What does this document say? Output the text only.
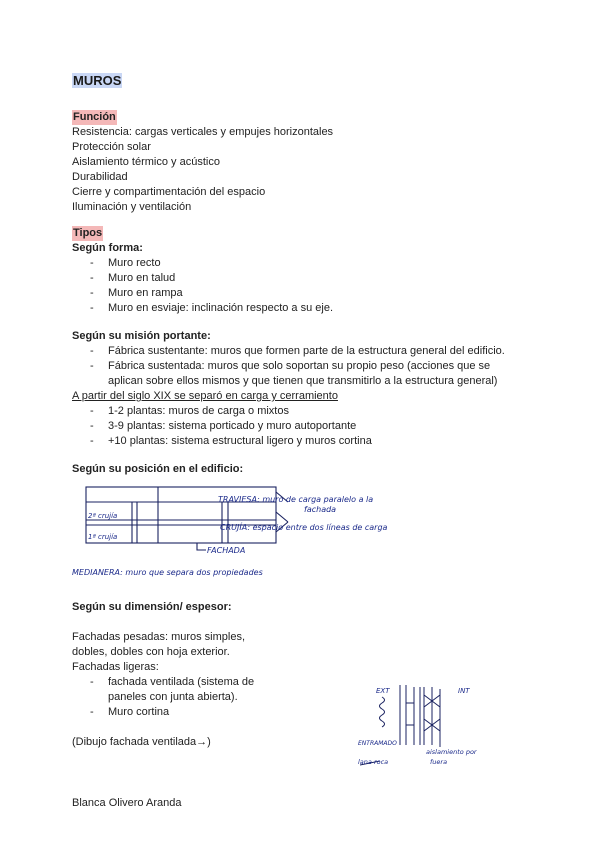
MUROS
Función
Resistencia: cargas verticales y empujes horizontales
Protección solar
Aislamiento térmico y acústico
Durabilidad
Cierre y compartimentación del espacio
Iluminación y ventilación
Tipos
Según forma:
- Muro recto
- Muro en talud
- Muro en rampa
- Muro en esviaje: inclinación respecto a su eje.
Según su misión portante:
- Fábrica sustentante: muros que formen parte de la estructura general del edificio.
- Fábrica sustentada: muros que solo soportan su propio peso (acciones que se
aplican sobre ellos mismos y que tienen que transmitirlo a la estructura general)
A partir del siglo XIX se separó en carga y cerramiento
- 1-2 plantas: muros de carga o mixtos
- 3-9 plantas: sistema porticado y muro autoportante
- +10 plantas: sistema estructural ligero y muros cortina
Según su posición en el edificio:
2ª crujía
1ª crujía
TRAVIESA: muro de carga paralelo a la
fachada
CRUJÍA: espacio entre dos líneas de carga
FACHADA
MEDIANERA: muro que separa dos propiedades
Según su dimensión/ espesor:
Fachadas pesadas: muros simples,
dobles, dobles con hoja exterior.
Fachadas ligeras:
- fachada ventilada (sistema de
paneles con junta abierta).
- Muro cortina
(Dibujo fachada ventilada→)
EXT	INT
ENTRAMADO
aislamiento por
fuera
lana roca
Blanca Olivero Aranda
